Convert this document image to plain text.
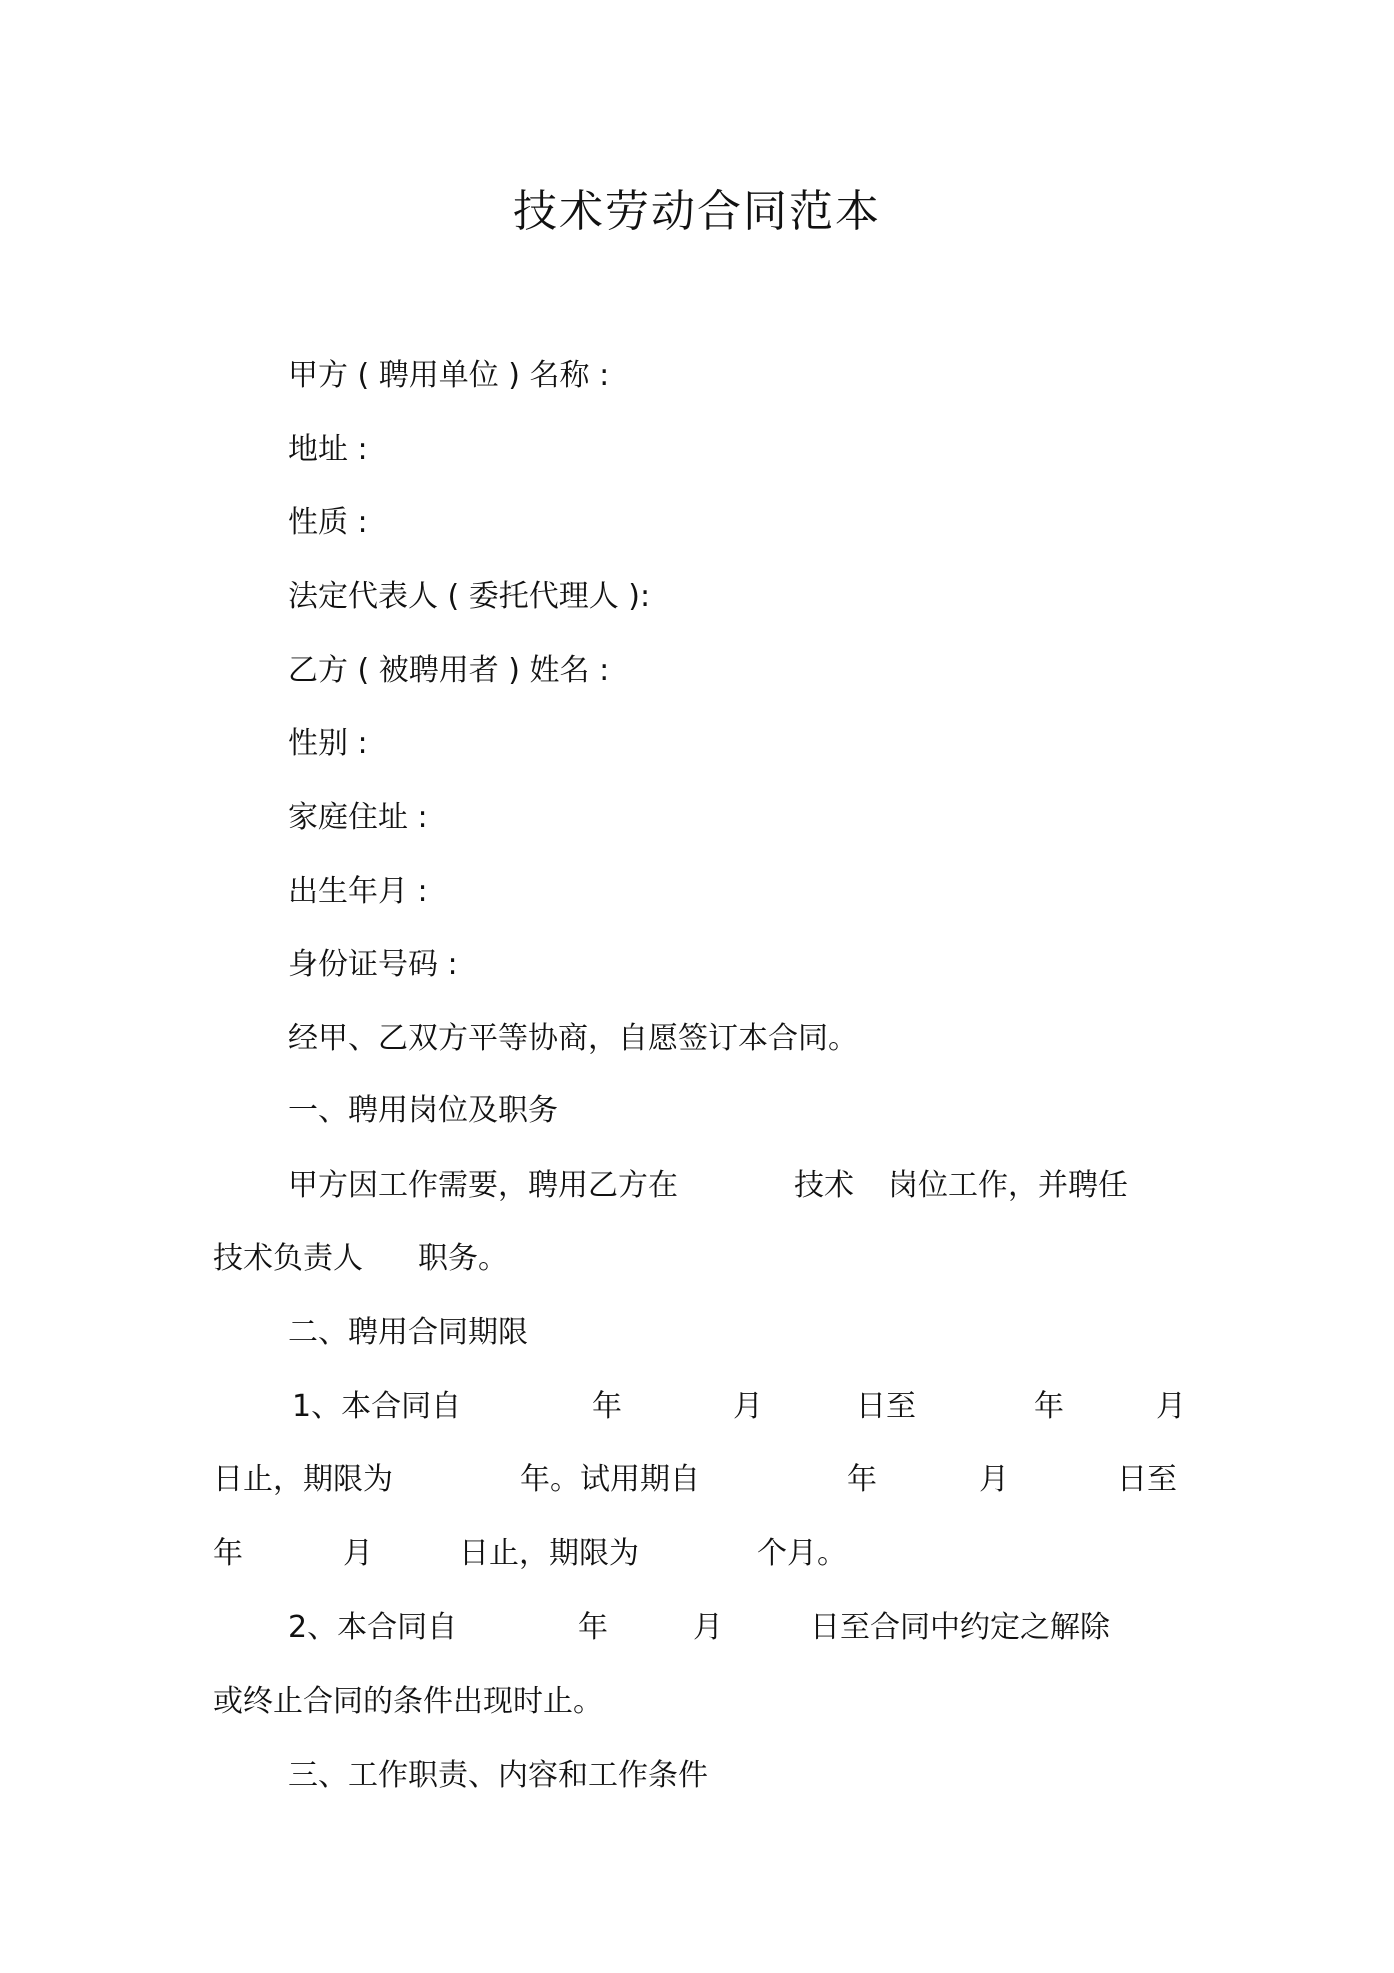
技术劳动合同范本
甲方 ( 聘用单位 ) 名称 :
地址 :
性质 :
法定代表人 ( 委托代理人 ):
乙方 ( 被聘用者 ) 姓名 :
性别 :
家庭住址 :
出生年月 :
身份证号码 :
经甲、乙双方平等协商，自愿签订本合同。
一、聘用岗位及职务
甲方因工作需要，聘用乙方在	技术 岗位工作，并聘任
技术负责人 职务。
二、聘用合同期限
1、本合同自	年	月	日至	年	月
日止，期限为	年。试用期自	年	月	日至
年	月	日止，期限为	个月。
2、本合同自	年	月	日至合同中约定之解除
或终止合同的条件出现时止。
三、工作职责、内容和工作条件
